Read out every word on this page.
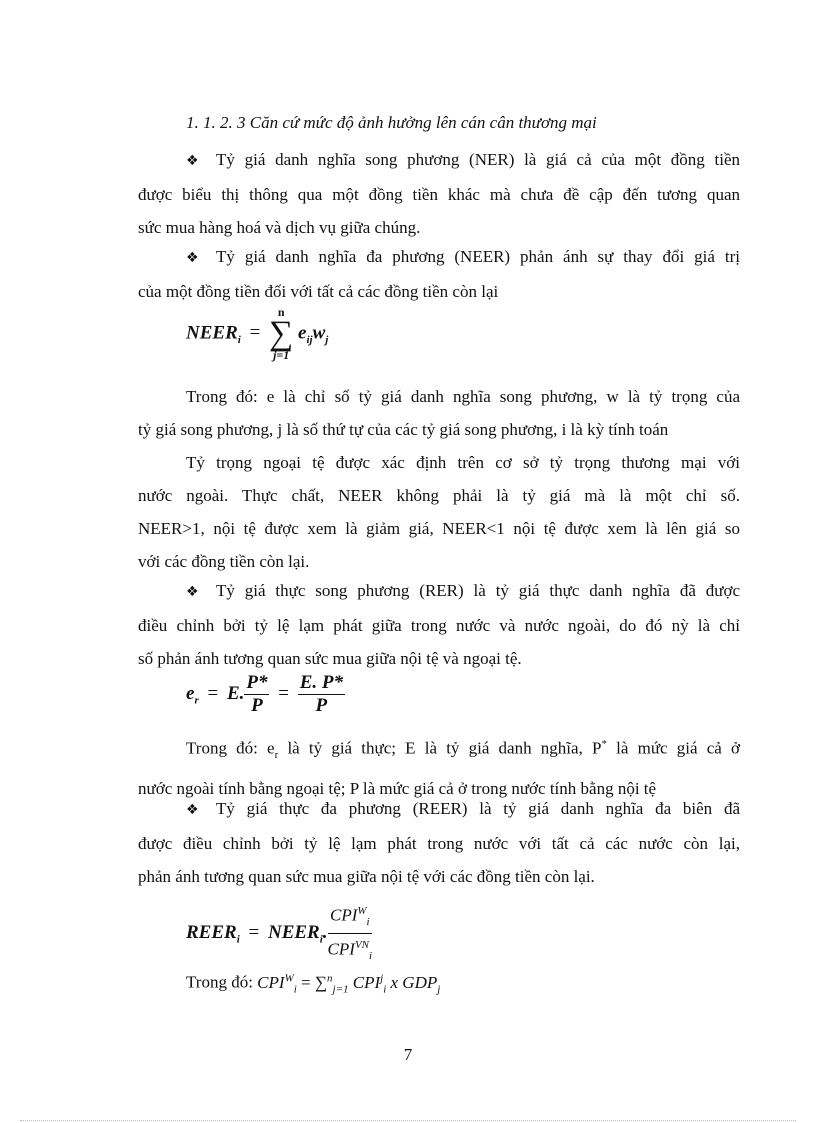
1. 1. 2. 3 Căn cứ mức độ ảnh hưởng lên cán cân thương mại
❖ Tỷ giá danh nghĩa song phương (NER) là giá cả của một đồng tiền
được biểu thị thông qua một đồng tiền khác mà chưa đề cập đến tương quan
sức mua hàng hoá và dịch vụ giữa chúng.
❖ Tỷ giá danh nghĩa đa phương (NEER) phản ánh sự thay đổi giá trị
của một đồng tiền đối với tất cả các đồng tiền còn lại
$NEER_i$ =
n
∑
j=1
$e_{ij}w_j$
Trong đó: e là chỉ số tỷ giá danh nghĩa song phương, w là tỷ trọng của
tỷ giá song phương, j là số thứ tự của các tỷ giá song phương, i là kỳ tính toán
Tỷ trọng ngoại tệ được xác định trên cơ sở tỷ trọng thương mại với
nước ngoài. Thực chất, NEER không phải là tỷ giá mà là một chỉ số.
NEER>1, nội tệ được xem là giảm giá, NEER<1 nội tệ được xem là lên giá so
với các đồng tiền còn lại.
❖ Tỷ giá thực song phương (RER) là tỷ giá thực danh nghĩa đã được
điều chỉnh bởi tỷ lệ lạm phát giữa trong nước và nước ngoài, do đó nỳ là chỉ
số phản ánh tương quan sức mua giữa nội tệ và ngoại tệ.
$e_r = E$. $\frac{P*}{P} = \frac{E. P*}{P}$
Trong đó: $e_r$ là tỷ giá thực; E là tỷ giá danh nghĩa, P* là mức giá cả ở
nước ngoài tính bằng ngoại tệ; P là mức giá cả ở trong nước tính bằng nội tệ
❖ Tỷ giá thực đa phương (REER) là tỷ giá danh nghĩa đa biên đã
được điều chỉnh bởi tỷ lệ lạm phát trong nước với tất cả các nước còn lại,
phản ánh tương quan sức mua giữa nội tệ với các đồng tiền còn lại.
$REER_i$ = $NEER_i$. $\frac{CPI^W_i}{CPI^{VN}_i}$
Trong đó: $CPI^W_i = \sum^n_{j=1}$ $CPI^j_i$ x $GDP_j$
7
